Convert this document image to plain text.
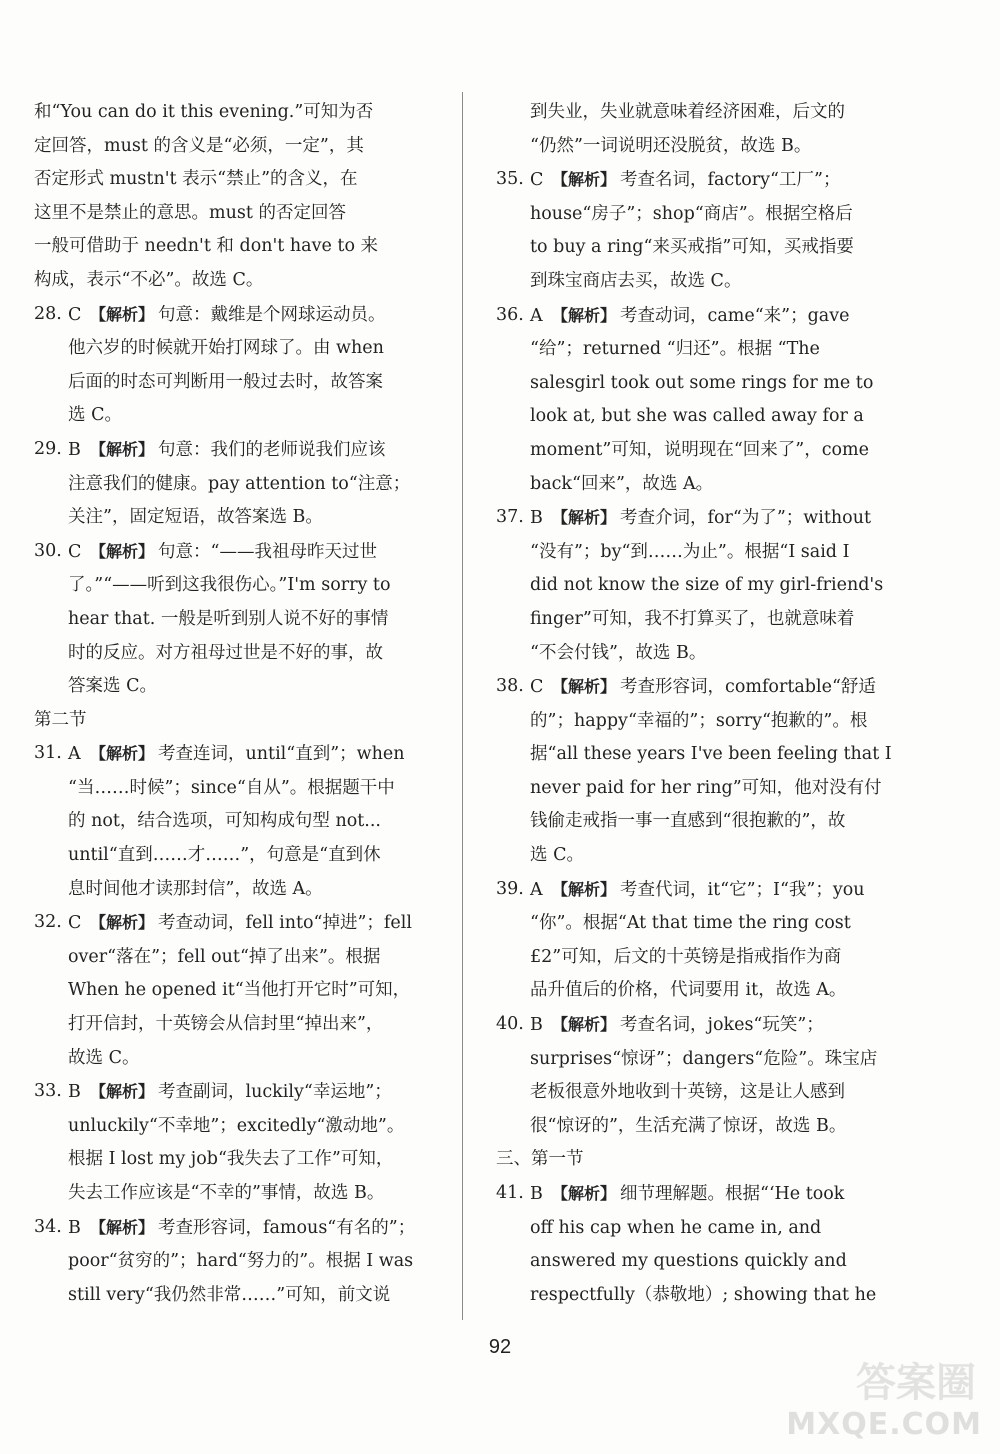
和“You can do it this evening.”可知为否

定回答，must 的含义是“必须，一定”，其

否定形式 mustn't 表示“禁止”的含义，在

这里不是禁止的意思。must 的否定回答

一般可借助于 needn't 和 don't have to 来

构成，表示“不必”。故选 C。

28. C 【解析】 句意：戴维是个网球运动员。

他六岁的时候就开始打网球了。由 when

后面的时态可判断用一般过去时，故答案

选 C。

29. B 【解析】 句意：我们的老师说我们应该

注意我们的健康。pay attention to“注意；

关注”，固定短语，故答案选 B。

30. C 【解析】 句意：“——我祖母昨天过世

了。”“——听到这我很伤心。”I'm sorry to

hear that. 一般是听到别人说不好的事情

时的反应。对方祖母过世是不好的事，故

答案选 C。

第二节

31. A 【解析】 考查连词，until“直到”；when

“当……时候”；since“自从”。根据题干中

的 not，结合选项，可知构成句型 not...

until“直到……才……”，句意是“直到休

息时间他才读那封信”，故选 A。

32. C 【解析】 考查动词，fell into“掉进”；fell

over“落在”；fell out“掉了出来”。根据

When he opened it“当他打开它时”可知，

打开信封，十英镑会从信封里“掉出来”，

故选 C。

33. B 【解析】 考查副词，luckily“幸运地”；

unluckily“不幸地”；excitedly“激动地”。

根据 I lost my job“我失去了工作”可知，

失去工作应该是“不幸的”事情，故选 B。

34. B 【解析】 考查形容词，famous“有名的”；

poor“贫穷的”；hard“努力的”。根据 I was

still very“我仍然非常……”可知，前文说

到失业，失业就意味着经济困难，后文的

“仍然”一词说明还没脱贫，故选 B。

35. C 【解析】 考查名词，factory“工厂”；

house“房子”；shop“商店”。根据空格后

to buy a ring“来买戒指”可知，买戒指要

到珠宝商店去买，故选 C。

36. A 【解析】 考查动词，came“来”；gave

“给”；returned “归还”。根据 “The

salesgirl took out some rings for me to

look at, but she was called away for a

moment”可知，说明现在“回来了”，come

back“回来”，故选 A。

37. B 【解析】 考查介词，for“为了”；without

“没有”；by“到……为止”。根据“I said I

did not know the size of my girl-friend's

finger”可知，我不打算买了，也就意味着

“不会付钱”，故选 B。

38. C 【解析】 考查形容词，comfortable“舒适

的”；happy“幸福的”；sorry“抱歉的”。根

据“all these years I've been feeling that I

never paid for her ring”可知，他对没有付

钱偷走戒指一事一直感到“很抱歉的”，故

选 C。

39. A 【解析】 考查代词，it“它”；I“我”；you

“你”。根据“At that time the ring cost

£2”可知，后文的十英镑是指戒指作为商

品升值后的价格，代词要用 it，故选 A。

40. B 【解析】 考查名词，jokes“玩笑”；

surprises“惊讶”；dangers“危险”。珠宝店

老板很意外地收到十英镑，这是让人感到

很“惊讶的”，生活充满了惊讶，故选 B。

三、第一节

41. B 【解析】 细节理解题。根据“‘He took

off his cap when he came in, and

answered my questions quickly and

respectfully（恭敬地）; showing that he

92
答案圈
MXQE.COM
